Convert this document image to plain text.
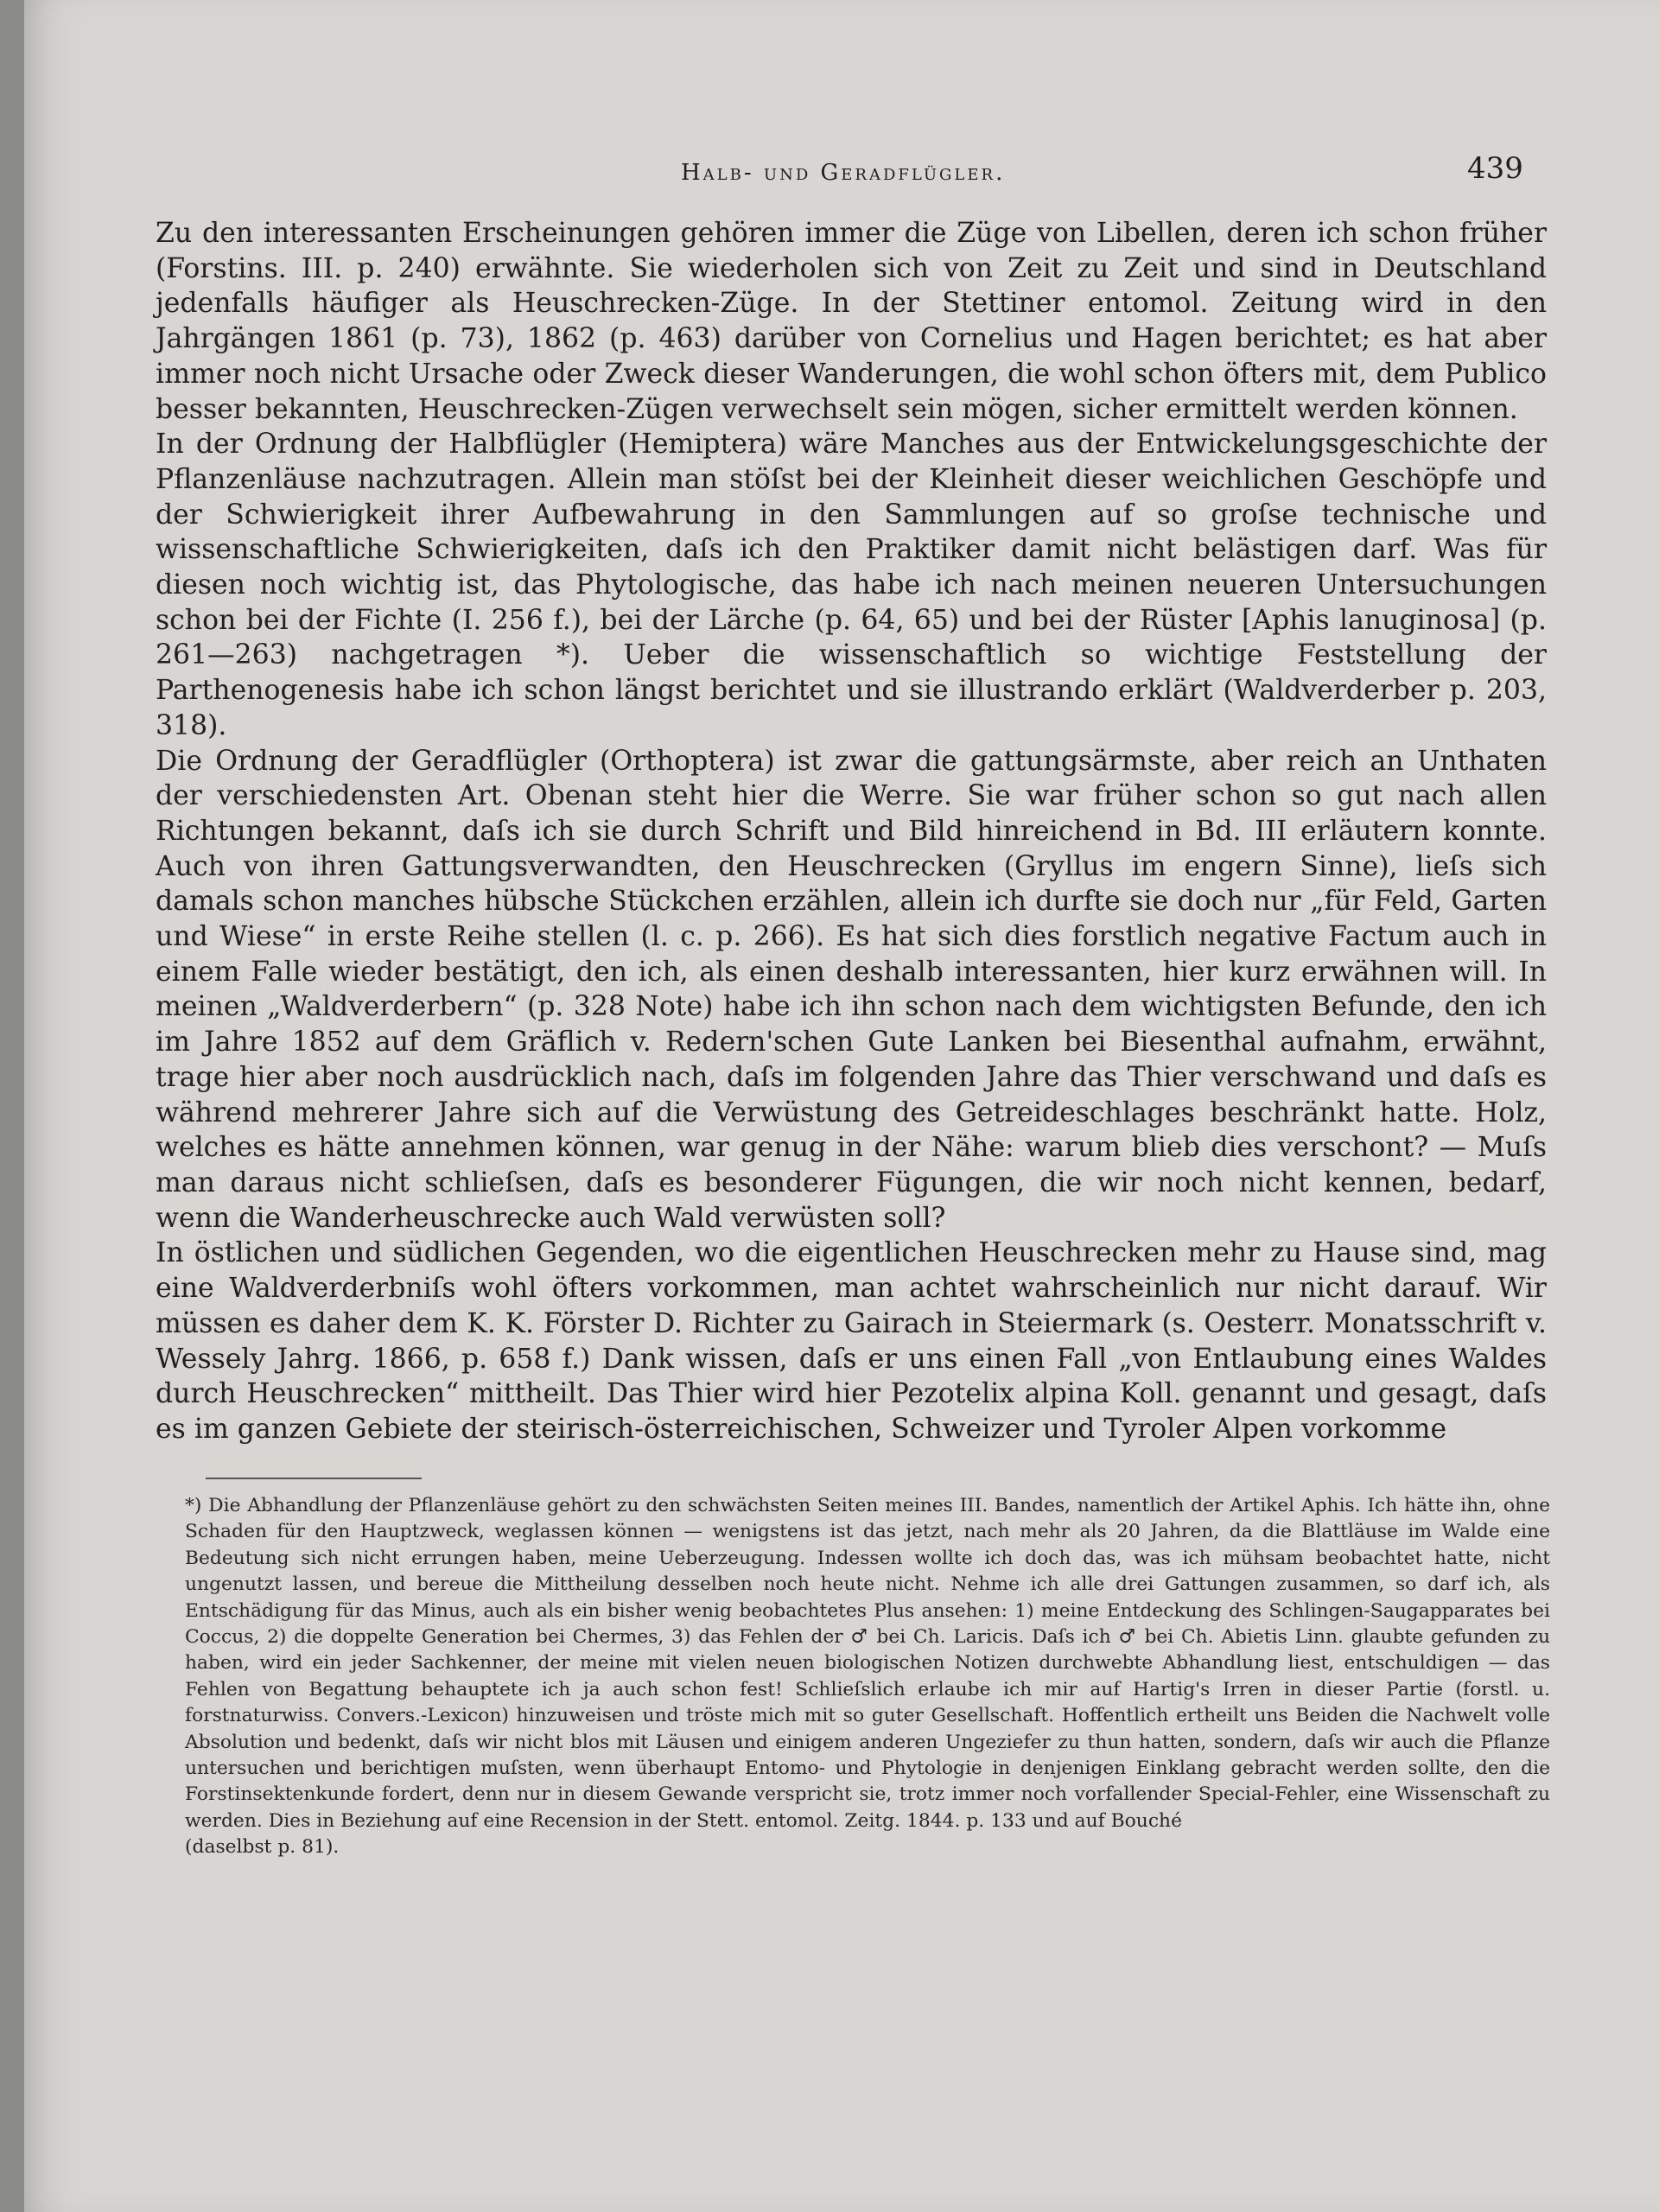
Halb- und Geradflügler.	439

Zu den interessanten Erscheinungen gehören immer die Züge von Libellen, deren ich schon früher (Forstins. III. p. 240) erwähnte. Sie wiederholen sich von Zeit zu Zeit und sind in Deutschland jedenfalls häufiger als Heuschrecken-Züge. In der Stettiner entomol. Zeitung wird in den Jahrgängen 1861 (p. 73), 1862 (p. 463) darüber von Cornelius und Hagen berichtet; es hat aber immer noch nicht Ursache oder Zweck dieser Wanderungen, die wohl schon öfters mit, dem Publico besser bekannten, Heuschrecken-Zügen verwechselt sein mögen, sicher ermittelt werden können.

In der Ordnung der Halbflügler (Hemiptera) wäre Manches aus der Entwickelungsgeschichte der Pflanzenläuse nachzutragen. Allein man stöſst bei der Kleinheit dieser weichlichen Geschöpfe und der Schwierigkeit ihrer Aufbewahrung in den Sammlungen auf so groſse technische und wissenschaftliche Schwierigkeiten, daſs ich den Praktiker damit nicht belästigen darf. Was für diesen noch wichtig ist, das Phytologische, das habe ich nach meinen neueren Untersuchungen schon bei der Fichte (I. 256 f.), bei der Lärche (p. 64, 65) und bei der Rüster [Aphis lanuginosa] (p. 261—263) nachgetragen *). Ueber die wissenschaftlich so wichtige Feststellung der Parthenogenesis habe ich schon längst berichtet und sie illustrando erklärt (Waldverderber p. 203, 318).

Die Ordnung der Geradflügler (Orthoptera) ist zwar die gattungsärmste, aber reich an Unthaten der verschiedensten Art. Obenan steht hier die Werre. Sie war früher schon so gut nach allen Richtungen bekannt, daſs ich sie durch Schrift und Bild hinreichend in Bd. III erläutern konnte. Auch von ihren Gattungsverwandten, den Heuschrecken (Gryllus im engern Sinne), lieſs sich damals schon manches hübsche Stückchen erzählen, allein ich durfte sie doch nur „für Feld, Garten und Wiese“ in erste Reihe stellen (l. c. p. 266). Es hat sich dies forstlich negative Factum auch in einem Falle wieder bestätigt, den ich, als einen deshalb interessanten, hier kurz erwähnen will. In meinen „Waldverderbern“ (p. 328 Note) habe ich ihn schon nach dem wichtigsten Befunde, den ich im Jahre 1852 auf dem Gräflich v. Redern'schen Gute Lanken bei Biesenthal aufnahm, erwähnt, trage hier aber noch ausdrücklich nach, daſs im folgenden Jahre das Thier verschwand und daſs es während mehrerer Jahre sich auf die Verwüstung des Getreideschlages beschränkt hatte. Holz, welches es hätte annehmen können, war genug in der Nähe: warum blieb dies verschont? — Muſs man daraus nicht schlieſsen, daſs es besonderer Fügungen, die wir noch nicht kennen, bedarf, wenn die Wanderheuschrecke auch Wald verwüsten soll?

In östlichen und südlichen Gegenden, wo die eigentlichen Heuschrecken mehr zu Hause sind, mag eine Waldverderbniſs wohl öfters vorkommen, man achtet wahrscheinlich nur nicht darauf. Wir müssen es daher dem K. K. Förster D. Richter zu Gairach in Steiermark (s. Oesterr. Monatsschrift v. Wessely Jahrg. 1866, p. 658 f.) Dank wissen, daſs er uns einen Fall „von Entlaubung eines Waldes durch Heuschrecken“ mittheilt. Das Thier wird hier Pezotelix alpina Koll. genannt und gesagt, daſs es im ganzen Gebiete der steirisch-österreichischen, Schweizer und Tyroler Alpen vorkomme

*) Die Abhandlung der Pflanzenläuse gehört zu den schwächsten Seiten meines III. Bandes, namentlich der Artikel Aphis. Ich hätte ihn, ohne Schaden für den Hauptzweck, weglassen können — wenigstens ist das jetzt, nach mehr als 20 Jahren, da die Blattläuse im Walde eine Bedeutung sich nicht errungen haben, meine Ueberzeugung. Indessen wollte ich doch das, was ich mühsam beobachtet hatte, nicht ungenutzt lassen, und bereue die Mittheilung desselben noch heute nicht. Nehme ich alle drei Gattungen zusammen, so darf ich, als Entschädigung für das Minus, auch als ein bisher wenig beobachtetes Plus ansehen: 1) meine Entdeckung des Schlingen-Saugapparates bei Coccus, 2) die doppelte Generation bei Chermes, 3) das Fehlen der ♂ bei Ch. Laricis. Daſs ich ♂ bei Ch. Abietis Linn. glaubte gefunden zu haben, wird ein jeder Sachkenner, der meine mit vielen neuen biologischen Notizen durchwebte Abhandlung liest, entschuldigen — das Fehlen von Begattung behauptete ich ja auch schon fest! Schlieſslich erlaube ich mir auf Hartig's Irren in dieser Partie (forstl. u. forstnaturwiss. Convers.-Lexicon) hinzuweisen und tröste mich mit so guter Gesellschaft. Hoffentlich ertheilt uns Beiden die Nachwelt volle Absolution und bedenkt, daſs wir nicht blos mit Läusen und einigem anderen Ungeziefer zu thun hatten, sondern, daſs wir auch die Pflanze untersuchen und berichtigen muſsten, wenn überhaupt Entomo- und Phytologie in denjenigen Einklang gebracht werden sollte, den die Forstinsektenkunde fordert, denn nur in diesem Gewande verspricht sie, trotz immer noch vorfallender Special-Fehler, eine Wissenschaft zu werden. Dies in Beziehung auf eine Recension in der Stett. entomol. Zeitg. 1844. p. 133 und auf Bouché

(daselbst p. 81).
